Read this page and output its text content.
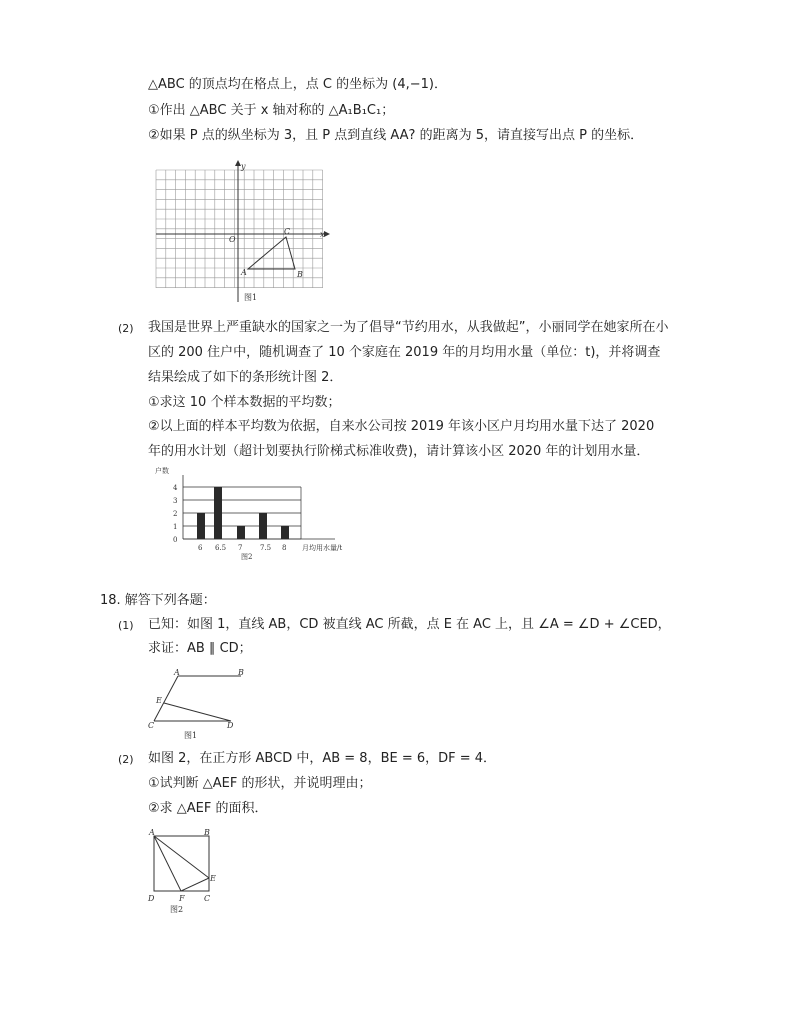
△ABC 的顶点均在格点上，点 C 的坐标为 (4,−1)．
①作出 △ABC 关于 x 轴对称的 △A₁B₁C₁；
②如果 P 点的纵坐标为 3，且 P 点到直线 AA? 的距离为 5，请直接写出点 P 的坐标．
y
x
O
A	B
C
图1
(2) 我国是世界上严重缺水的国家之一为了倡导“节约用水，从我做起”，小丽同学在她家所在小
区的 200 住户中，随机调查了 10 个家庭在 2019 年的月均用水量（单位：t)，并将调查
结果绘成了如下的条形统计图 2．
①求这 10 个样本数据的平均数；
②以上面的样本平均数为依据，自来水公司按 2019 年该小区户月均用水量下达了 2020
年的用水计划（超计划要执行阶梯式标准收费)，请计算该小区 2020 年的计划用水量．
户数
月均用水量/t
图2
0
1
2
3
4
6 6.5 7	7.5 8
18. 解答下列各题：
(1) 已知：如图 1，直线 AB，CD 被直线 AC 所截，点 E 在 AC 上，且 ∠A = ∠D + ∠CED，
求证：AB ∥ CD；
A	B
E
C	D
图1
(2) 如图 2，在正方形 ABCD 中，AB = 8，BE = 6，DF = 4．
①试判断 △AEF 的形状，并说明理由；
②求 △AEF 的面积．
A	B
E
D	F C
图2
